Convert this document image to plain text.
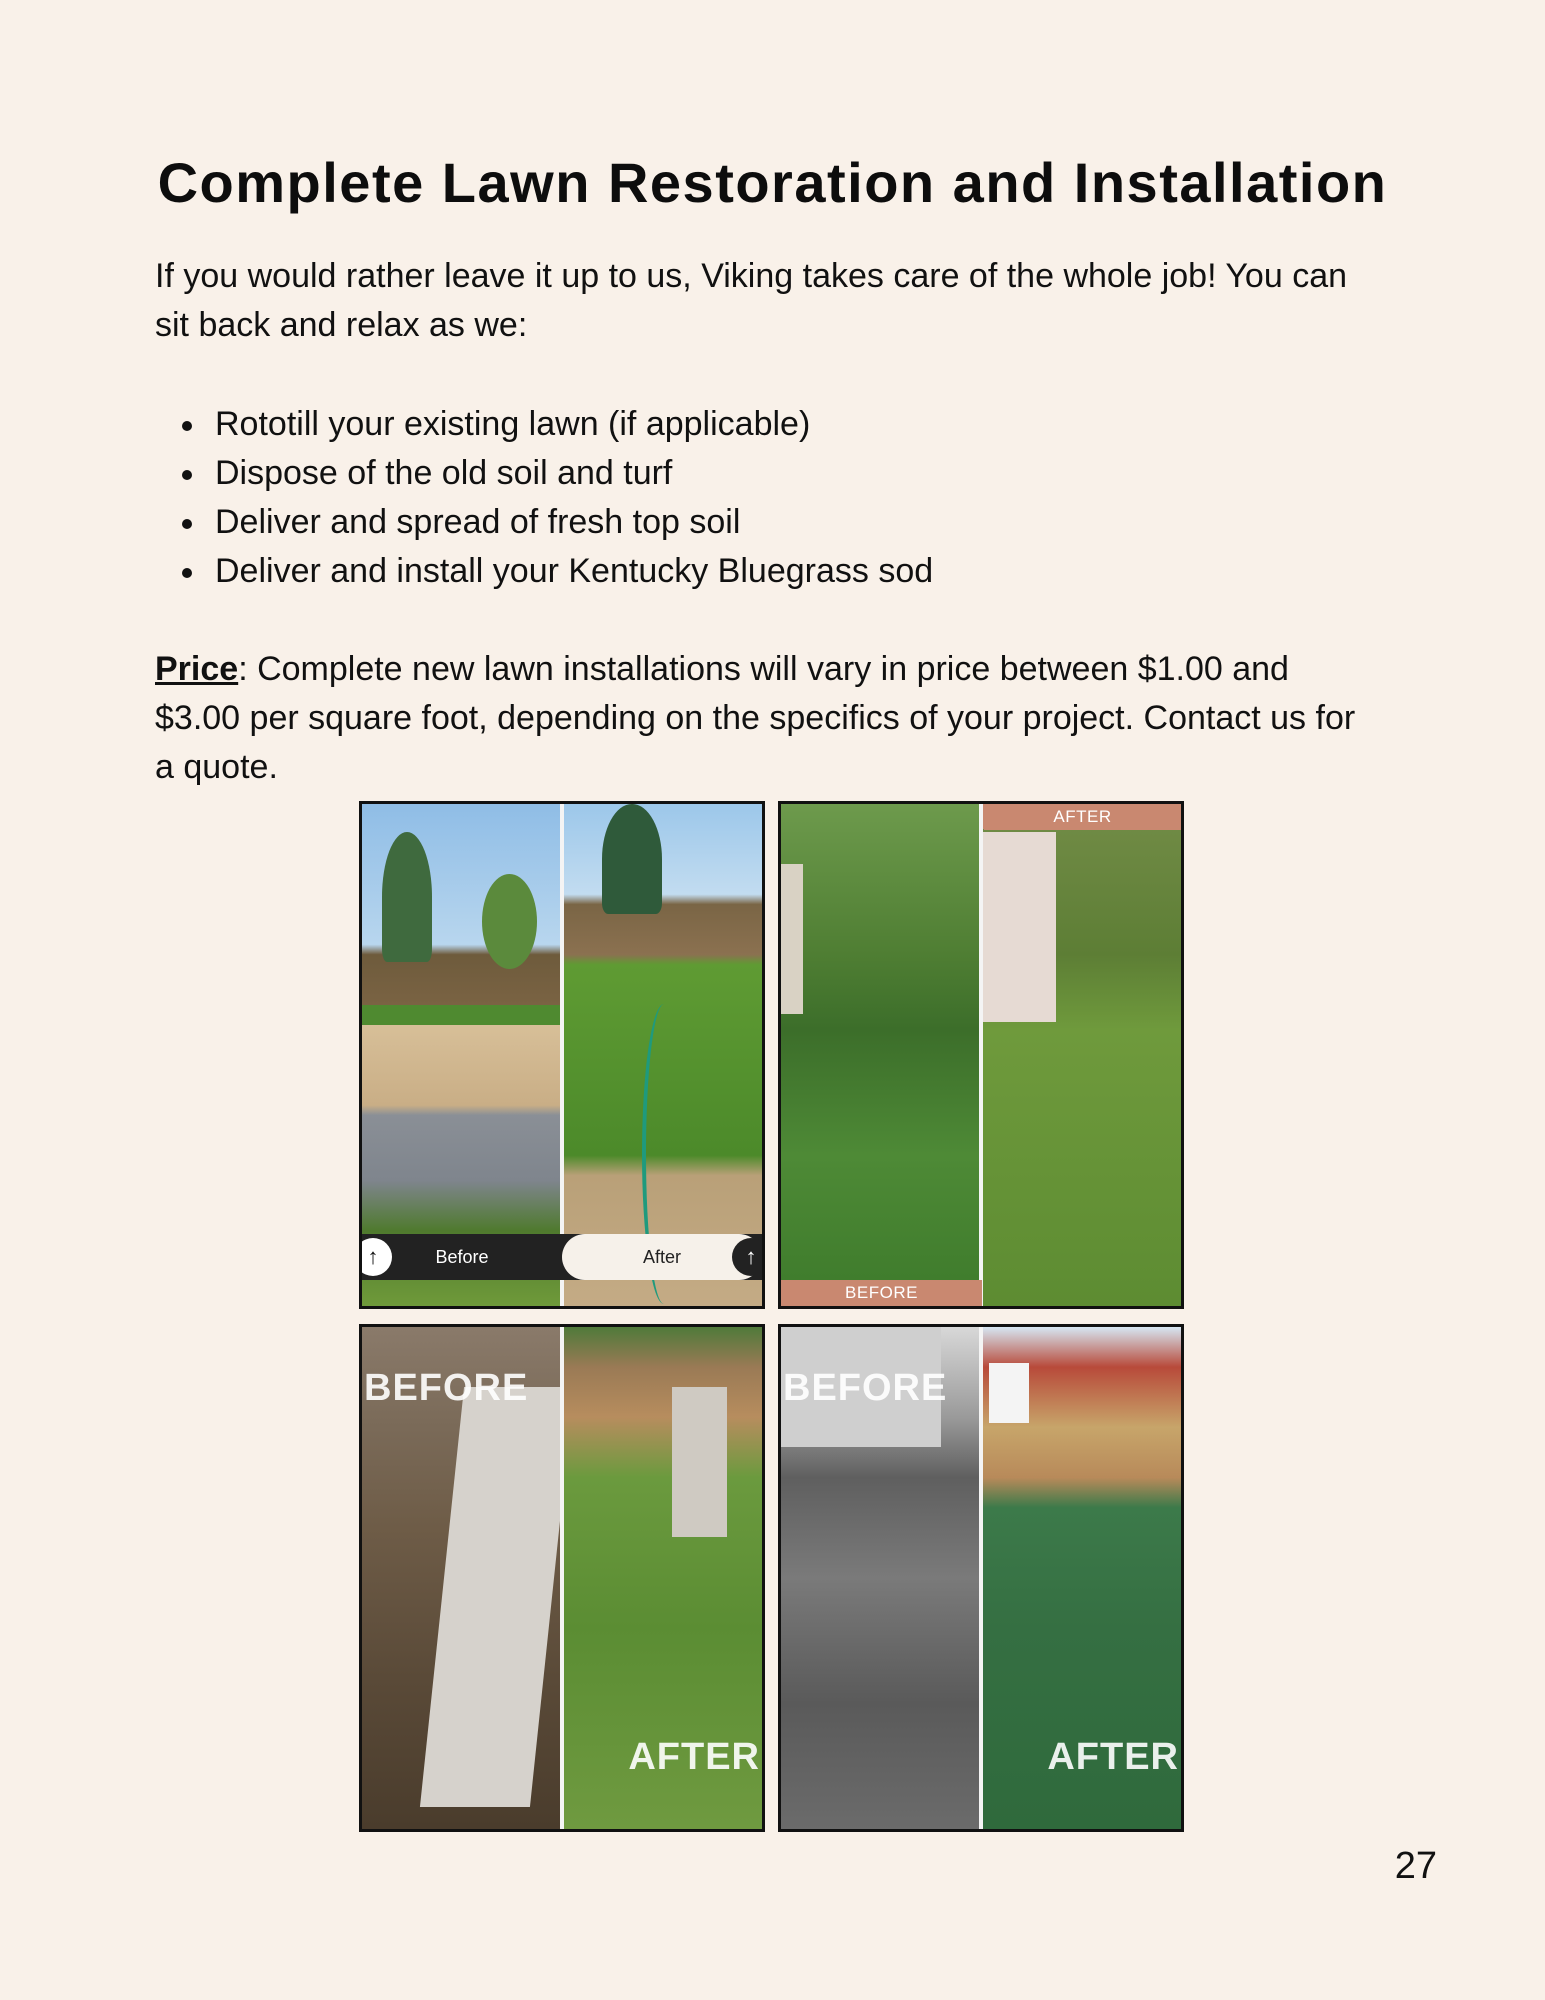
Complete Lawn Restoration and Installation

If you would rather leave it up to us, Viking takes care of the whole job! You can sit back and relax as we:

Rototill your existing lawn (if applicable)
Dispose of the old soil and turf
Deliver and spread of fresh top soil
Deliver and install your Kentucky Bluegrass sod

Price: Complete new lawn installations will vary in price between $1.00 and $3.00 per square foot, depending on the specifics of your project. Contact us for a quote.

Before	After
↑	↑
AFTER
BEFORE
BEFORE
AFTER
BEFORE
AFTER
27
